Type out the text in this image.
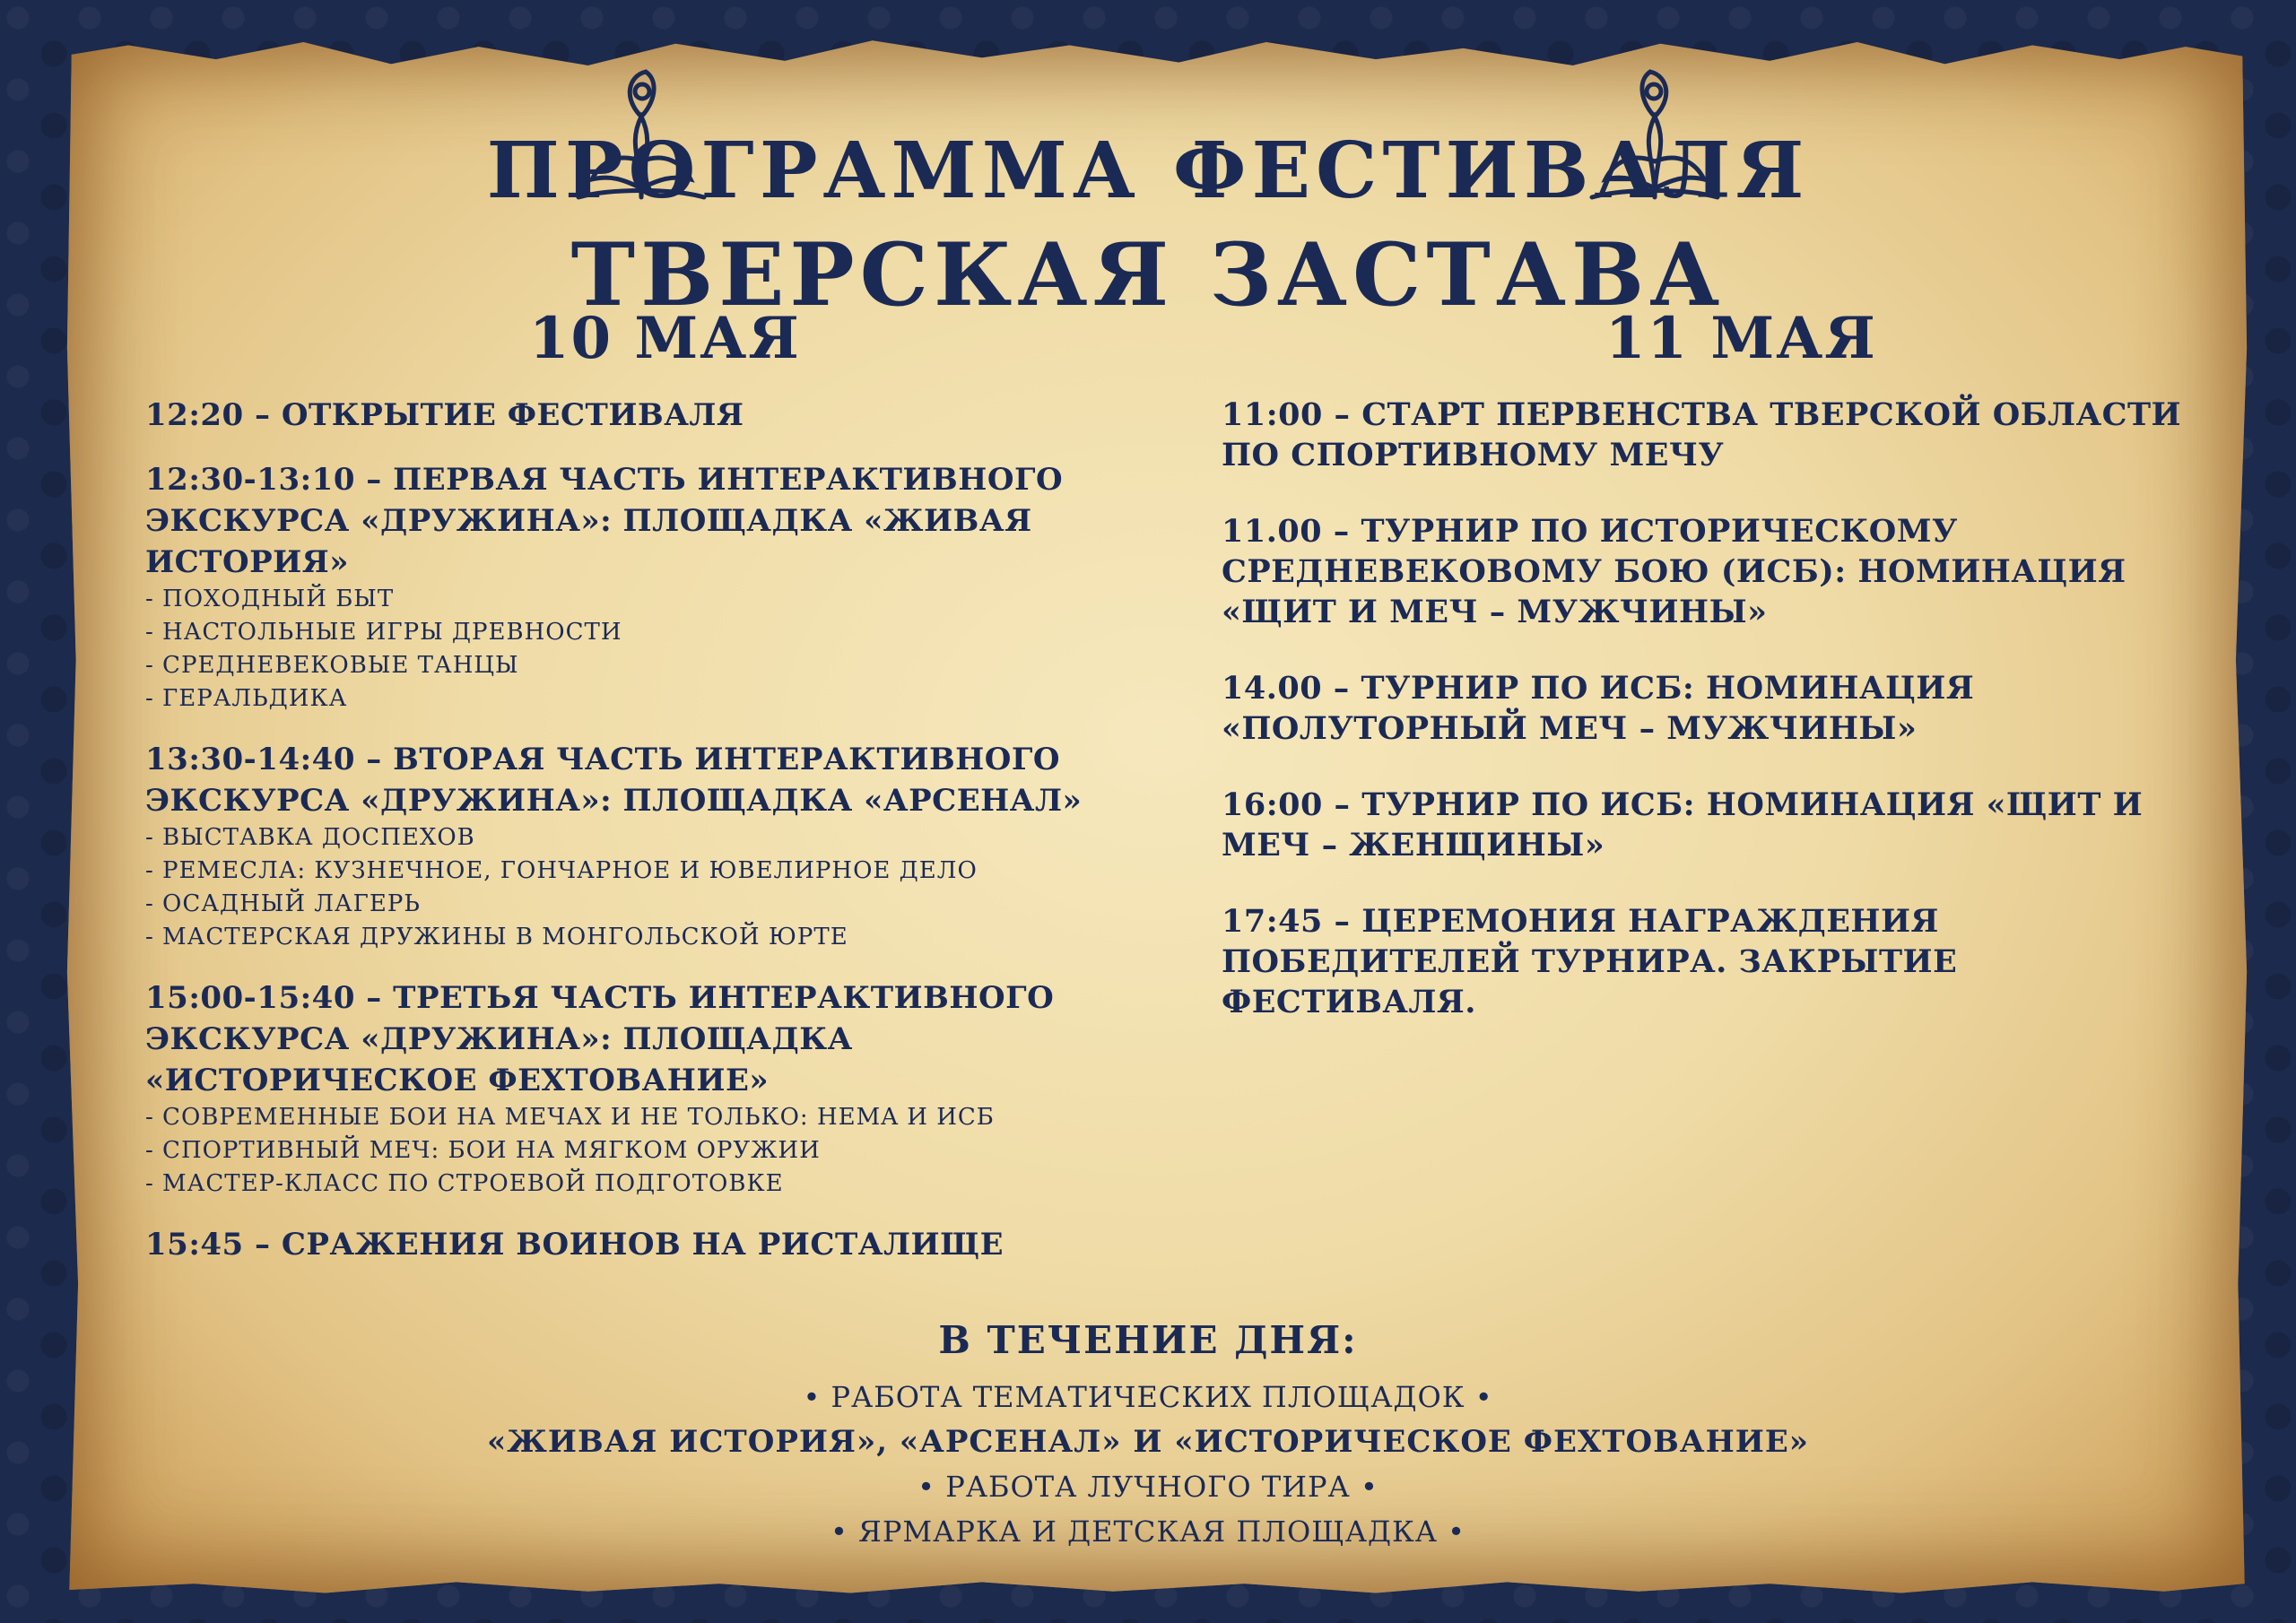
ПРОГРАММА ФЕСТИВАЛЯ
ТВЕРСКАЯ ЗАСТАВА
10 МАЯ	11 МАЯ

12:20 – ОТКРЫТИЕ ФЕСТИВАЛЯ

12:30-13:10 – ПЕРВАЯ ЧАСТЬ ИНТЕРАКТИВНОГО ЭКСКУРСА «ДРУЖИНА»: ПЛОЩАДКА «ЖИВАЯ ИСТОРИЯ»

- ПОХОДНЫЙ БЫТ

- НАСТОЛЬНЫЕ ИГРЫ ДРЕВНОСТИ

- СРЕДНЕВЕКОВЫЕ ТАНЦЫ

- ГЕРАЛЬДИКА

13:30-14:40 – ВТОРАЯ ЧАСТЬ ИНТЕРАКТИВНОГО ЭКСКУРСА «ДРУЖИНА»: ПЛОЩАДКА «АРСЕНАЛ»

- ВЫСТАВКА ДОСПЕХОВ

- РЕМЕСЛА: КУЗНЕЧНОЕ, ГОНЧАРНОЕ И ЮВЕЛИРНОЕ ДЕЛО

- ОСАДНЫЙ ЛАГЕРЬ

- МАСТЕРСКАЯ ДРУЖИНЫ В МОНГОЛЬСКОЙ ЮРТЕ

15:00-15:40 – ТРЕТЬЯ ЧАСТЬ ИНТЕРАКТИВНОГО ЭКСКУРСА «ДРУЖИНА»: ПЛОЩАДКА «ИСТОРИЧЕСКОЕ ФЕХТОВАНИЕ»

- СОВРЕМЕННЫЕ БОИ НА МЕЧАХ И НЕ ТОЛЬКО: HEMA И ИСБ

- СПОРТИВНЫЙ МЕЧ: БОИ НА МЯГКОМ ОРУЖИИ

- МАСТЕР-КЛАСС ПО СТРОЕВОЙ ПОДГОТОВКЕ

15:45 – СРАЖЕНИЯ ВОИНОВ НА РИСТАЛИЩЕ

11:00 – СТАРТ ПЕРВЕНСТВА ТВЕРСКОЙ ОБЛАСТИ ПО СПОРТИВНОМУ МЕЧУ

11.00 – ТУРНИР ПО ИСТОРИЧЕСКОМУ СРЕДНЕВЕКОВОМУ БОЮ (ИСБ): НОМИНАЦИЯ «ЩИТ И МЕЧ – МУЖЧИНЫ»

14.00 – ТУРНИР ПО ИСБ: НОМИНАЦИЯ «ПОЛУТОРНЫЙ МЕЧ – МУЖЧИНЫ»

16:00 – ТУРНИР ПО ИСБ: НОМИНАЦИЯ «ЩИТ И МЕЧ – ЖЕНЩИНЫ»

17:45 – ЦЕРЕМОНИЯ НАГРАЖДЕНИЯ ПОБЕДИТЕЛЕЙ ТУРНИРА. ЗАКРЫТИЕ ФЕСТИВАЛЯ.

В ТЕЧЕНИЕ ДНЯ:

• РАБОТА ТЕМАТИЧЕСКИХ ПЛОЩАДОК •

«ЖИВАЯ ИСТОРИЯ», «АРСЕНАЛ» И «ИСТОРИЧЕСКОЕ ФЕХТОВАНИЕ»

• РАБОТА ЛУЧНОГО ТИРА •

• ЯРМАРКА И ДЕТСКАЯ ПЛОЩАДКА •
